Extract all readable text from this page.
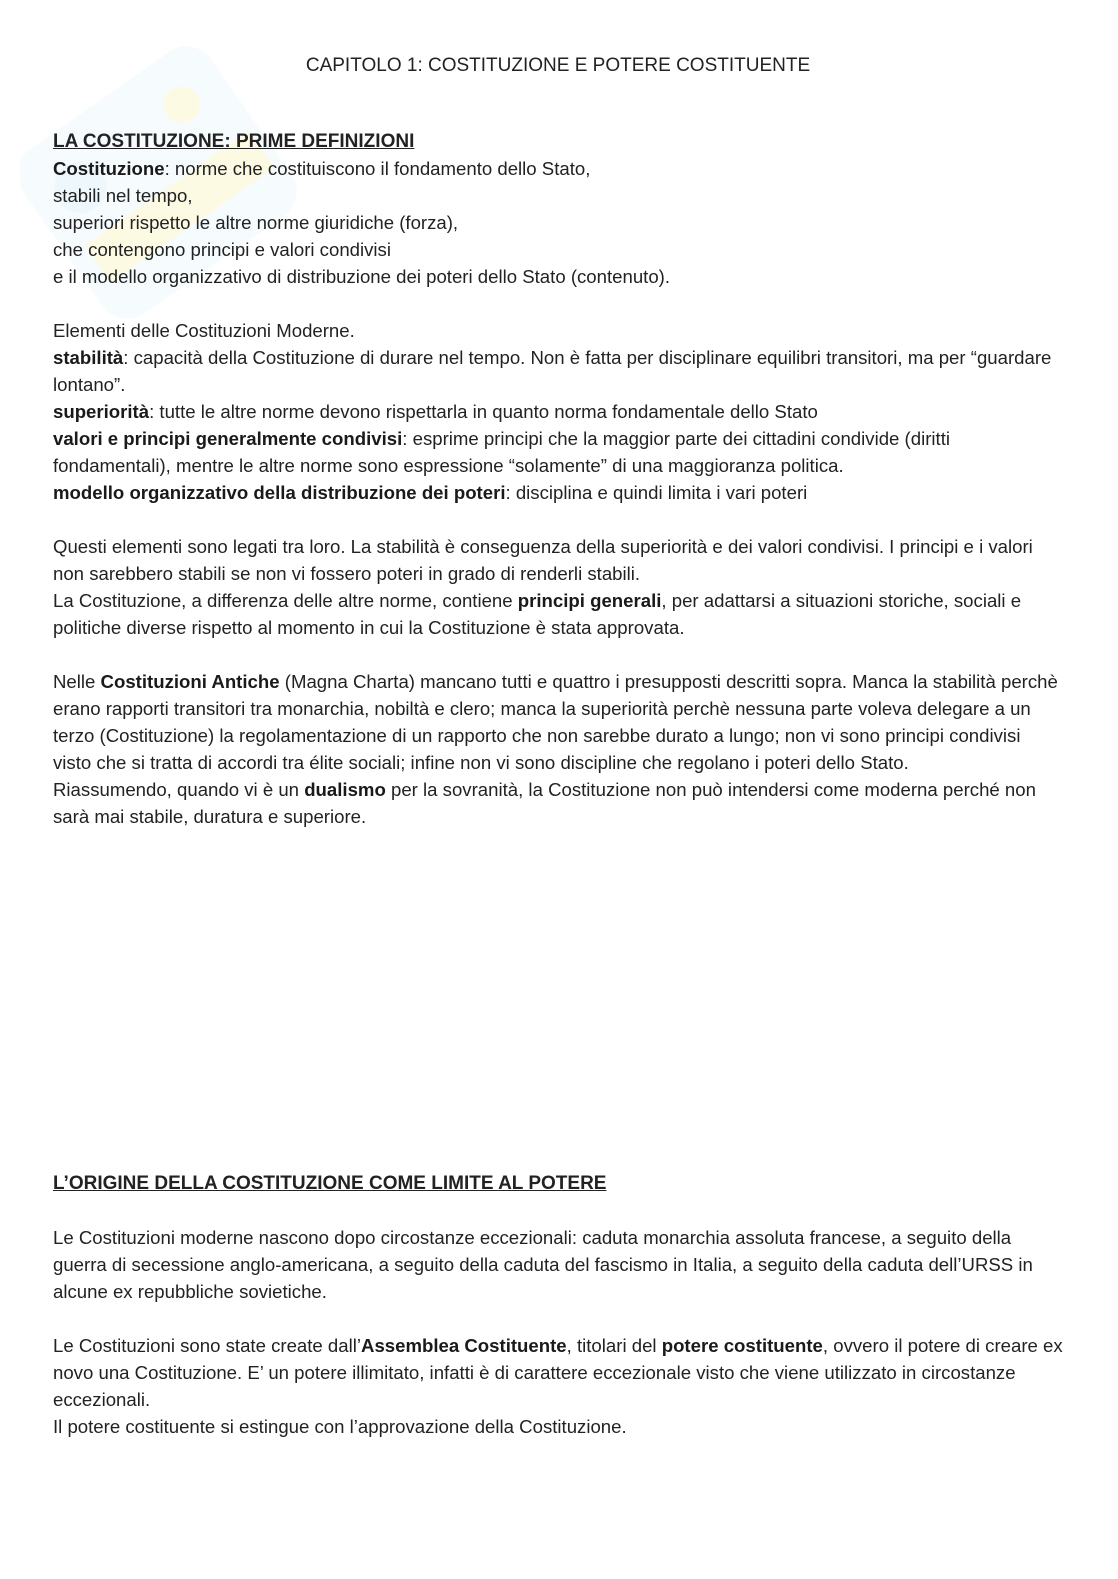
CAPITOLO 1: COSTITUZIONE E POTERE COSTITUENTE
LA COSTITUZIONE: PRIME DEFINIZIONI

Costituzione: norme che costituiscono il fondamento dello Stato,

stabili nel tempo,

superiori rispetto le altre norme giuridiche (forza),

che contengono principi e valori condivisi

e il modello organizzativo di distribuzione dei poteri dello Stato (contenuto).

Elementi delle Costituzioni Moderne.

stabilità: capacità della Costituzione di durare nel tempo. Non è fatta per disciplinare equilibri transitori, ma per “guardare lontano”.

superiorità: tutte le altre norme devono rispettarla in quanto norma fondamentale dello Stato

valori e principi generalmente condivisi: esprime principi che la maggior parte dei cittadini condivide (diritti fondamentali), mentre le altre norme sono espressione “solamente” di una maggioranza politica.

modello organizzativo della distribuzione dei poteri: disciplina e quindi limita i vari poteri

Questi elementi sono legati tra loro. La stabilità è conseguenza della superiorità e dei valori condivisi. I principi e i valori non sarebbero stabili se non vi fossero poteri in grado di renderli stabili.

La Costituzione, a differenza delle altre norme, contiene principi generali, per adattarsi a situazioni storiche, sociali e politiche diverse rispetto al momento in cui la Costituzione è stata approvata.

Nelle Costituzioni Antiche (Magna Charta) mancano tutti e quattro i presupposti descritti sopra. Manca la stabilità perchè erano rapporti transitori tra monarchia, nobiltà e clero; manca la superiorità perchè nessuna parte voleva delegare a un terzo (Costituzione) la regolamentazione di un rapporto che non sarebbe durato a lungo; non vi sono principi condivisi visto che si tratta di accordi tra élite sociali; infine non vi sono discipline che regolano i poteri dello Stato.

Riassumendo, quando vi è un dualismo per la sovranità, la Costituzione non può intendersi come moderna perché non sarà mai stabile, duratura e superiore.

L’ORIGINE DELLA COSTITUZIONE COME LIMITE AL POTERE

Le Costituzioni moderne nascono dopo circostanze eccezionali: caduta monarchia assoluta francese, a seguito della guerra di secessione anglo-americana, a seguito della caduta del fascismo in Italia, a seguito della caduta dell’URSS in alcune ex repubbliche sovietiche.

Le Costituzioni sono state create dall’Assemblea Costituente, titolari del potere costituente, ovvero il potere di creare ex novo una Costituzione. E’ un potere illimitato, infatti è di carattere eccezionale visto che viene utilizzato in circostanze eccezionali.

Il potere costituente si estingue con l’approvazione della Costituzione.
